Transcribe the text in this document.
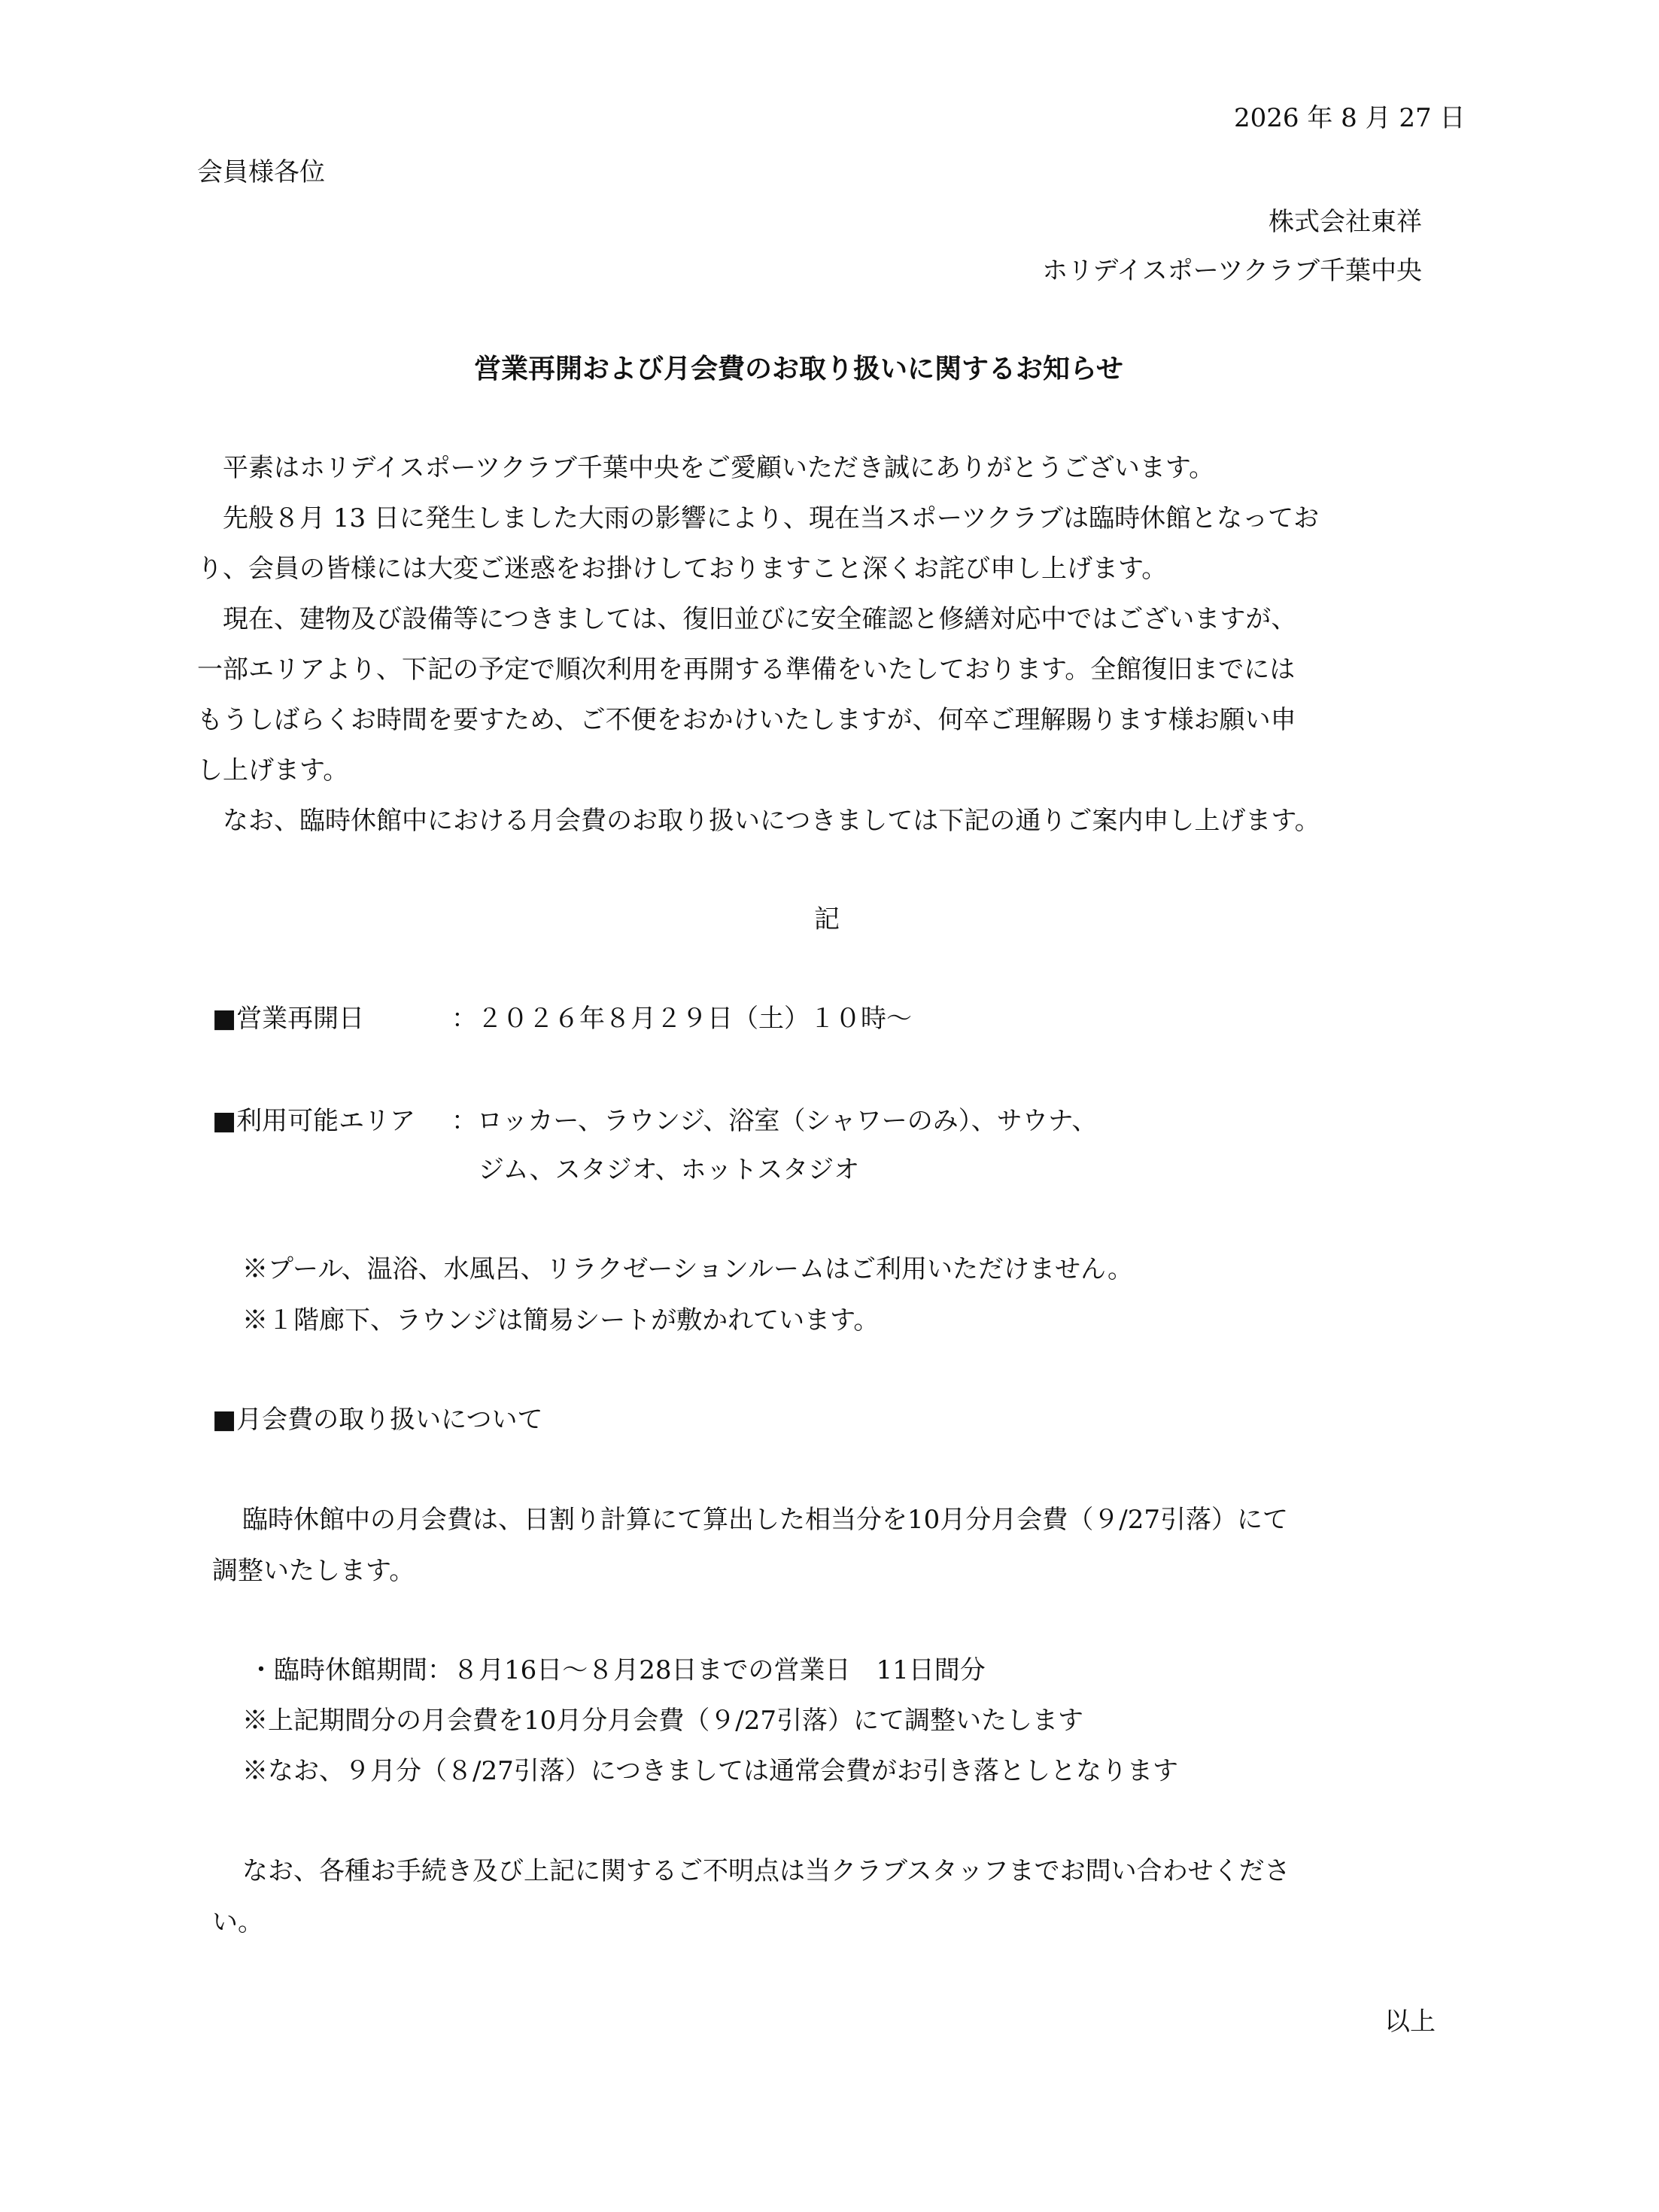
2026 年 8 月 27 日
会員様各位
株式会社東祥
ホリデイスポーツクラブ千葉中央
営業再開および月会費のお取り扱いに関するお知らせ
　平素はホリデイスポーツクラブ千葉中央をご愛顧いただき誠にありがとうございます。
　先般８月 13 日に発生しました大雨の影響により、現在当スポーツクラブは臨時休館となってお
り、会員の皆様には大変ご迷惑をお掛けしておりますこと深くお詫び申し上げます。
　現在、建物及び設備等につきましては、復旧並びに安全確認と修繕対応中ではございますが、
一部エリアより、下記の予定で順次利用を再開する準備をいたしております。全館復旧までには
もうしばらくお時間を要すため、ご不便をおかけいたしますが、何卒ご理解賜ります様お願い申
し上げます。
　なお、臨時休館中における月会費のお取り扱いにつきましては下記の通りご案内申し上げます。
記
■営業再開日	：２０２６年８月２９日（土）１０時～
■利用可能エリア ：ロッカー、ラウンジ、浴室（シャワーのみ）、サウナ、
ジム、スタジオ、ホットスタジオ
※プール、温浴、水風呂、リラクゼーションルームはご利用いただけません。
※１階廊下、ラウンジは簡易シートが敷かれています。
■月会費の取り扱いについて
臨時休館中の月会費は、日割り計算にて算出した相当分を10月分月会費（９/27引落）にて
調整いたします。
・臨時休館期間：８月16日～８月28日までの営業日　11日間分
※上記期間分の月会費を10月分月会費（９/27引落）にて調整いたします
※なお、９月分（８/27引落）につきましては通常会費がお引き落としとなります
なお、各種お手続き及び上記に関するご不明点は当クラブスタッフまでお問い合わせくださ
い。
以上
